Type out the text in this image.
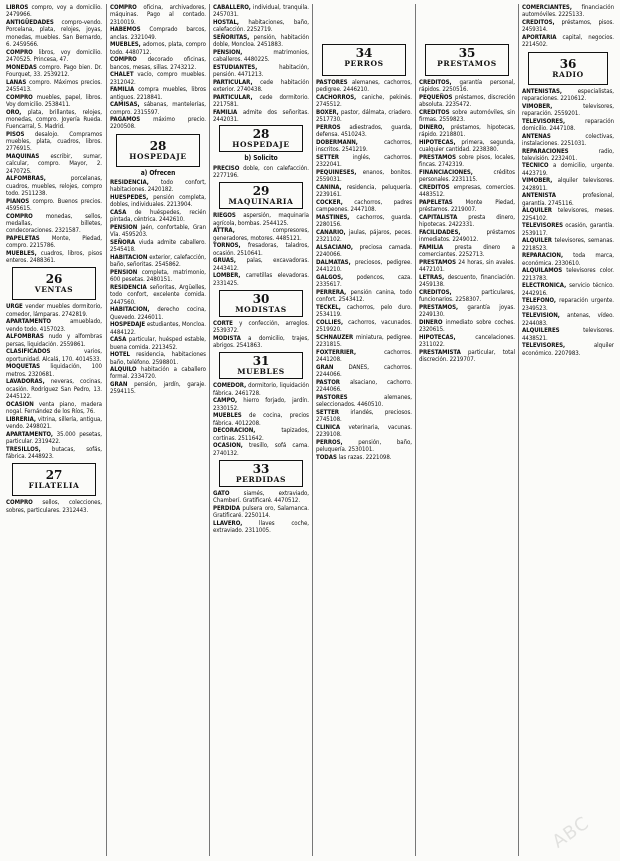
LIBROS compro, voy a domicilio. 2479966.

ANTIGÜEDADES compro-vendo. Porcelana, plata, relojes, joyas, monedas, muebles. San Bernardo, 6. 2459566.

COMPRO libros, voy domicilio. 2470525. Princesa, 47.

MONEDAS compro. Pago bien. Dr. Fourquet, 33. 2539212.

LANAS compro. Máximos precios. 2455413.

COMPRO muebles, papel, libros. Voy domicilio. 2538411.

ORO, plata, brillantes, relojes, monedas, compro. Joyería Rueda. Fuencarral, 5. Madrid.

PISOS desalojo. Compramos muebles, plata, cuadros, libros. 2776915.

MAQUINAS escribir, sumar, calcular, compro. Mayor, 2. 2470725.

ALFOMBRAS, porcelanas, cuadros, muebles, relojes, compro todo. 2511238.

PIANOS compro. Buenos precios. 4595615.

COMPRO monedas, sellos, medallas, billetes, condecoraciones. 2321587.

PAPELETAS Monte, Piedad, compro. 2215786.

MUEBLES, cuadros, libros, pisos enteros. 2488361.

26
VENTAS

URGE vender muebles dormitorio, comedor, lámparas. 2742819.

APARTAMENTO amueblado, vendo todo. 4157023.

ALFOMBRAS nudo y alfombras persas, liquidación. 2559861.

CLASIFICADOS varios, oportunidad. Alcalá, 170. 4014533.

MOQUETAS liquidación, 100 metros. 2320681.

LAVADORAS, neveras, cocinas, ocasión. Rodríguez San Pedro, 13. 2445122.

OCASION venta piano, madera nogal. Fernández de los Ríos, 76.

LIBRERIA, vitrina, sillería, antigua, vendo. 2498021.

APARTAMENTO, 35.000 pesetas, particular. 2319422.

TRESILLOS, butacas, sofás, fábrica. 2448923.

27
FILATELIA

COMPRO sellos, colecciones, sobres, particulares. 2312443.

COMPRO oficina, archivadores, máquinas. Pago al contado. 2310019.

HABEMOS Comprado barcos, anclas. 2321049.

MUEBLES, adornos, plata, compro todo. 4480712.

COMPRO decorado oficinas, bancos, mesas, sillas. 2743212.

CHALET vacío, compro muebles. 2312042.

FAMILIA compra muebles, libros antiguos. 2218841.

CAMISAS, sábanas, mantelerías, compro. 2315597.

PAGAMOS máximo precio. 2200508.

28
HOSPEDAJE
a) Ofrecen

RESIDENCIA, todo confort, habitaciones. 2420182.

HUESPEDES, pensión completa, dobles, individuales. 2213904.

CASA de huéspedes, recién pintada, céntrica. 2442610.

PENSION Jaén, confortable, Gran Vía. 4595203.

SEÑORA viuda admite caballero. 2545418.

HABITACION exterior, calefacción, baño, señoritas. 2545862.

PENSION completa, matrimonio, 600 pesetas. 2480151.

RESIDENCIA señoritas, Argüelles, todo confort, excelente comida. 2447560.

HABITACION, derecho cocina, Quevedo. 2246011.

HOSPEDAJE estudiantes, Moncloa. 4484122.

CASA particular, huésped estable, buena comida. 2213452.

HOTEL residencia, habitaciones baño, teléfono. 2598801.

ALQUILO habitación a caballero formal. 2334720.

GRAN pensión, jardín, garaje. 2594115.

CABALLERO, individual, tranquila. 2457031.

HOSTAL, habitaciones, baño, calefacción. 2252719.

SEÑORITAS, pensión, habitación doble, Moncloa. 2451883.

PENSION, matrimonios, caballeros. 4480225.

ESTUDIANTES, habitación, pensión. 4471213.

PARTICULAR, cede habitación exterior. 2740438.

PARTICULAR, cede dormitorio. 2217581.

FAMILIA admite dos señoritas. 2442031.

28
HOSPEDAJE
b) Solicito

PRECISO doble, con calefacción. 2277196.

29
MAQUINARIA

RIEGOS aspersión, maquinaria agrícola, bombas. 2544125.

ATTRA, compresores, generadores, motores. 4485121.

TORNOS, fresadoras, taladros, ocasión. 2510641.

GRUAS, palas, excavadoras. 2443412.

LOMBER, carretillas elevadoras. 2331425.

30
MODISTAS

CORTE y confección, arreglos. 2539372.

MODISTA a domicilio, trajes, abrigos. 2541863.

31
MUEBLES

COMEDOR, dormitorio, liquidación fábrica. 2461728.

CAMPO, hierro forjado, jardín. 2330152.

MUEBLES de cocina, precios fábrica. 4012208.

DECORACION, tapizados, cortinas. 2511642.

OCASION, tresillo, sofá cama. 2740132.

33
PERDIDAS

GATO siamés, extraviado, Chamberí. Gratificaré. 4470512.

PERDIDA pulsera oro, Salamanca. Gratificaré. 2250114.

LLAVERO, llaves coche, extraviado. 2311005.

34
PERROS

PASTORES alemanes, cachorros, pedigree. 2446210.

CACHORROS, caniche, pekinés. 2745512.

BOXER, pastor, dálmata, criadero. 2517730.

PERROS adiestrados, guarda, defensa. 4510243.

DOBERMANN, cachorros, inscritos. 2541219.

SETTER inglés, cachorros. 2322041.

PEQUINESES, enanos, bonitos. 2559031.

CANINA, residencia, peluquería. 2239161.

COCKER, cachorros, padres campeones. 2447108.

MASTINES, cachorros, guarda. 2280156.

CANARIO, jaulas, pájaros, peces. 2321102.

ALSACIANO, preciosa camada. 2240066.

DALMATAS, preciosos, pedigree. 2441210.

GALGOS, podencos, caza. 2335617.

PERRERA, pensión canina, todo confort. 2543412.

TECKEL, cachorros, pelo duro. 2534119.

COLLIES, cachorros, vacunados. 2519920.

SCHNAUZER miniatura, pedigree. 2231815.

FOXTERRIER, cachorros. 2441208.

GRAN DANES, cachorros. 2244066.

PASTOR alsaciano, cachorro. 2244066.

PASTORES alemanes, seleccionados. 4460510.

SETTER irlandés, preciosos. 2745108.

CLINICA veterinaria, vacunas. 2239108.

PERROS, pensión, baño, peluquería. 2530101.

TODAS las razas. 2221098.

35
PRESTAMOS

CREDITOS, garantía personal, rápidos. 2250516.

PEQUEÑOS préstamos, discreción absoluta. 2235472.

CREDITOS sobre automóviles, sin firmas. 2559823.

DINERO, préstamos, hipotecas, rápido. 2218801.

HIPOTECAS, primera, segunda, cualquier cantidad. 2238380.

PRESTAMOS sobre pisos, locales, fincas. 2742319.

FINANCIACIONES, créditos personales. 2231115.

CREDITOS empresas, comercios. 4483512.

PAPELETAS Monte Piedad, préstamos. 2219007.

CAPITALISTA presta dinero, hipotecas. 2422331.

FACILIDADES, préstamos inmediatos. 2249012.

FAMILIA presta dinero a comerciantes. 2252713.

PRESTAMOS 24 horas, sin avales. 4472101.

LETRAS, descuento, financiación. 2459138.

CREDITOS, particulares, funcionarios. 2258307.

PRESTAMOS, garantía joyas. 2249130.

DINERO inmediato sobre coches. 2320615.

HIPOTECAS, cancelaciones. 2311022.

PRESTAMISTA particular, total discreción. 2219707.

COMERCIANTES, financiación automóviles. 2225133.

CREDITOS, préstamos, pisos. 2459314.

APORTARIA capital, negocios. 2214502.

36
RADIO

ANTENISTAS, especialistas, reparaciones. 2210612.

VIMOBER, televisores, reparación. 2559201.

TELEVISORES, reparación domicilio. 2447108.

ANTENAS colectivas, instalaciones. 2251031.

REPARACIONES radio, televisión. 2232401.

TECNICO a domicilio, urgente. 4423719.

VIMOBER, alquiler televisores. 2428911.

ANTENISTA profesional, garantía. 2745116.

ALQUILER televisores, meses. 2254102.

TELEVISORES ocasión, garantía. 2539117.

ALQUILER televisores, semanas. 2218523.

REPARACION, toda marca, económica. 2330610.

ALQUILAMOS televisores color. 2213783.

ELECTRONICA, servicio técnico. 2442916.

TELEFONO, reparación urgente. 2349523.

TELEVISION, antenas, vídeo. 2244083.

ALQUILERES televisores. 4438521.

TELEVISORES, alquiler económico. 2207983.

ABC
